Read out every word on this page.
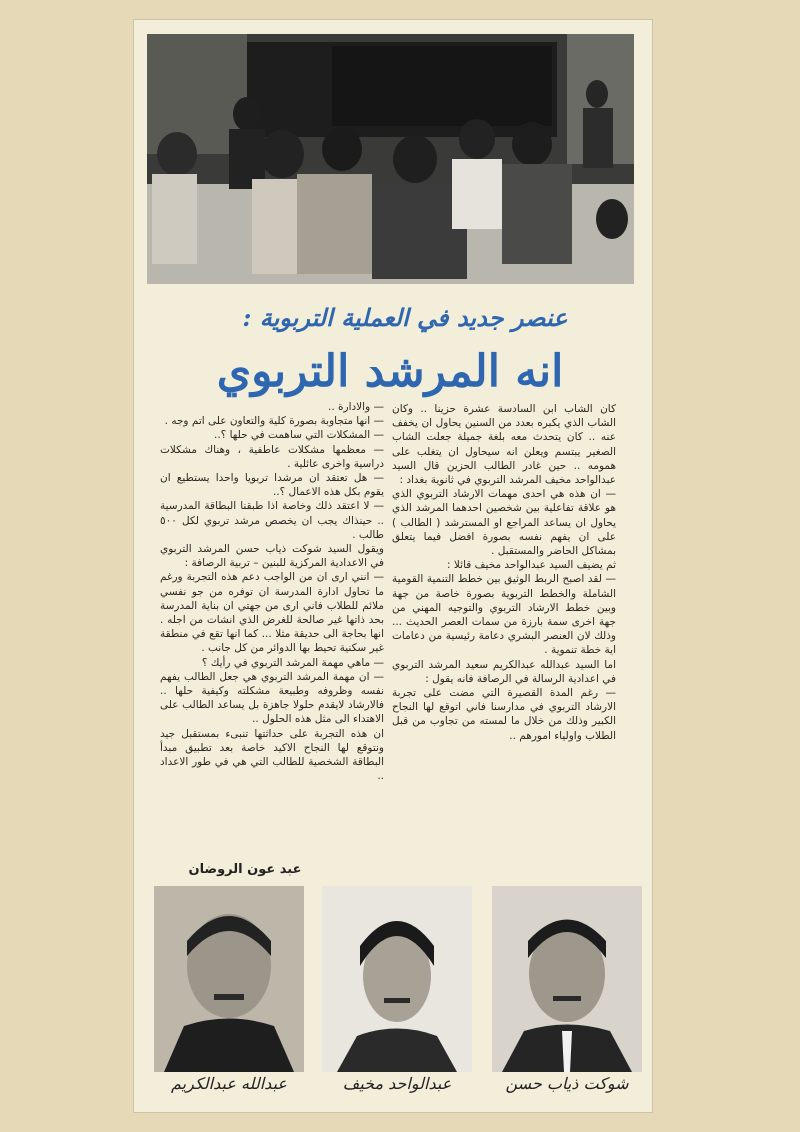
عنصر جديد في العملية التربوية :
انه المرشد التربوي
كان الشاب ابن السادسة عشرة حزينا .. وكان الشاب الذي يكبره بعدد من السنين يحاول ان يخفف عنه .. كان يتحدث معه بلغة جميلة جعلت الشاب الصغير يبتسم ويعلن انه سيحاول ان يتغلب على همومه .. حين غادر الطالب الحزين قال السيد عبدالواحد مخيف المرشد التربوي في ثانوية بغداد :
— ان هذه هي احدى مهمات الارشاد التربوي الذي هو علاقة تفاعلية بين شخصين احدهما المرشد الذي يحاول ان يساعد المراجع او المسترشد ( الطالب ) على ان يفهم نفسه بصورة افضل فيما يتعلق بمشاكل الحاضر والمستقبل .
ثم يضيف السيد عبدالواحد مخيف قائلا :
— لقد اصبح الربط الوثيق بين خطط التنمية القومية الشاملة والخطط التربوية بصورة خاصة من جهة وبين خطط الارشاد التربوي والتوجيه المهني من جهة اخرى سمة بارزة من سمات العصر الحديث ... وذلك لان العنصر البشري دعامة رئيسية من دعامات اية خطة تنموية .
اما السيد عبدالله عبدالكريم سعيد المرشد التربوي في اعدادية الرسالة في الرصافة فانه يقول :
— رغم المدة القصيرة التي مضت على تجربة الارشاد التربوي في مدارسنا فاني اتوقع لها النجاح الكبير وذلك من خلال ما لمسته من تجاوب من قبل الطلاب واولياء امورهم ..
— والادارة ..
— انها متجاوبة بصورة كلية والتعاون على اتم وجه .
— المشكلات التي ساهمت في حلها ؟..
— معظمها مشكلات عاطفية ، وهناك مشكلات دراسية واخرى عائلية .
— هل تعتقد ان مرشدا تربويا واحدا يستطيع ان يقوم بكل هذه الاعمال ؟..
— لا اعتقد ذلك وخاصة اذا طبقنا البطاقة المدرسية .. حينذاك يجب ان يخصص مرشد تربوي لكل ٥٠٠ طالب .
ويقول السيد شوكت ذياب حسن المرشد التربوي في الاعدادية المركزية للبنين – تربية الرصافة :
— انني ارى ان من الواجب دعم هذه التجربة ورغم ما تحاول ادارة المدرسة ان توفره من جو نفسي ملائم للطلاب فاني ارى من جهتي ان بناية المدرسة بحد ذاتها غير صالحة للغرض الذي انشات من اجله . انها بحاجة الى حديقة مثلا ... كما انها تقع في منطقة غير سكنية تحيط بها الدوائر من كل جانب .
— ماهي مهمة المرشد التربوي في رأيك ؟
— ان مهمة المرشد التربوي هي جعل الطالب يفهم نفسه وظروفه وطبيعة مشكلته وكيفية حلها .. فالارشاد لايقدم حلولا جاهزة بل يساعد الطالب على الاهتداء الى مثل هذه الحلول ..
ان هذه التجربة على حداثتها تنبىء بمستقبل جيد ونتوقع لها النجاح الاكيد خاصة بعد تطبيق مبدأ البطاقة الشخصية للطالب التي هي في طور الاعداد ..
عبد عون الروضان
عبدالله عبدالكريم	عبدالواحد مخيف	شوكت ذياب حسن
